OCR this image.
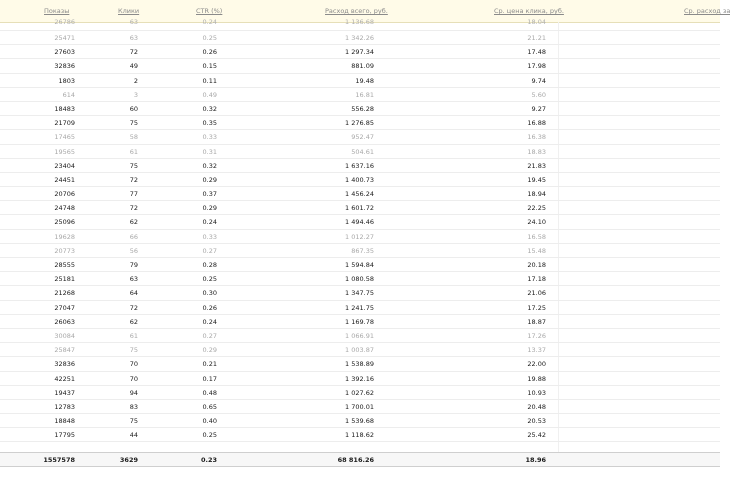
Показы	Клики	CTR (%)	Расход всего, руб.	Ср. цена клика, руб.	Ср. расход за
26786	63	0.24	1 136.68	18.04
25471	63	0.25	1 342.26	21.21
27603	72	0.26	1 297.34	17.48
32836	49	0.15	881.09	17.98
1803	2	0.11	19.48	9.74
614	3	0.49	16.81	5.60
18483	60	0.32	556.28	9.27
21709	75	0.35	1 276.85	16.88
17465	58	0.33	952.47	16.38
19565	61	0.31	504.61	18.83
23404	75	0.32	1 637.16	21.83
24451	72	0.29	1 400.73	19.45
20706	77	0.37	1 456.24	18.94
24748	72	0.29	1 601.72	22.25
25096	62	0.24	1 494.46	24.10
19628	66	0.33	1 012.27	16.58
20773	56	0.27	867.35	15.48
28555	79	0.28	1 594.84	20.18
25181	63	0.25	1 080.58	17.18
21268	64	0.30	1 347.75	21.06
27047	72	0.26	1 241.75	17.25
26063	62	0.24	1 169.78	18.87
30084	61	0.27	1 066.91	17.26
25847	75	0.29	1 003.87	13.37
32836	70	0.21	1 538.89	22.00
42251	70	0.17	1 392.16	19.88
19437	94	0.48	1 027.62	10.93
12783	83	0.65	1 700.01	20.48
18848	75	0.40	1 539.68	20.53
17795	44	0.25	1 118.62	25.42
1557578	3629	0.23	68 816.26	18.96
